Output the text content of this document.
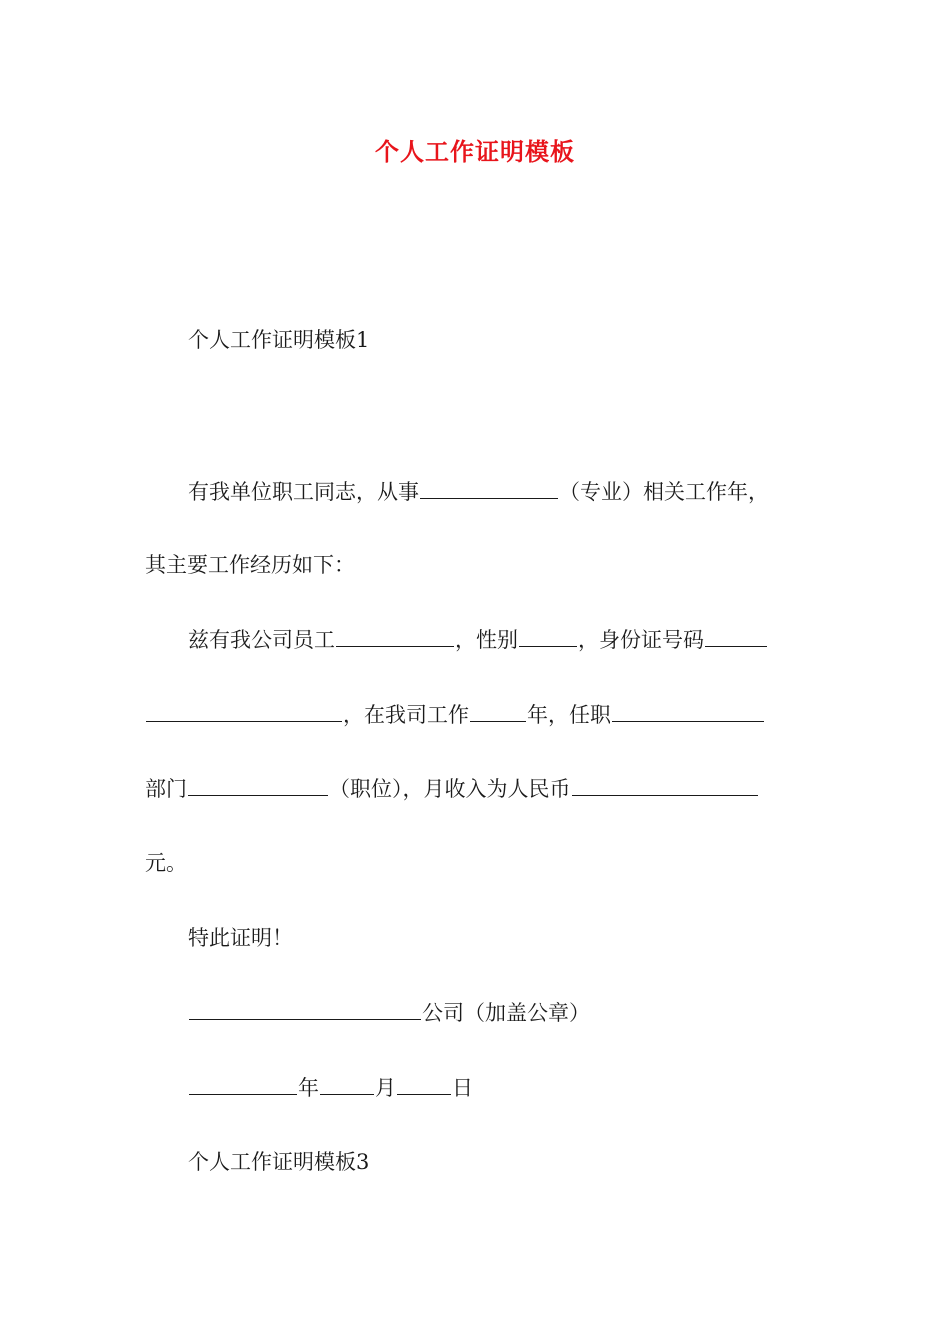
个人工作证明模板
个人工作证明模板1
有我单位职工同志，从事	（专业）相关工作年，
其主要工作经历如下：
兹有我公司员工	，性别	，身份证号码
，在我司工作	年，任职
部门	（职位），月收入为人民币
元。
特此证明！
公司（加盖公章）
年	月	日
个人工作证明模板3
